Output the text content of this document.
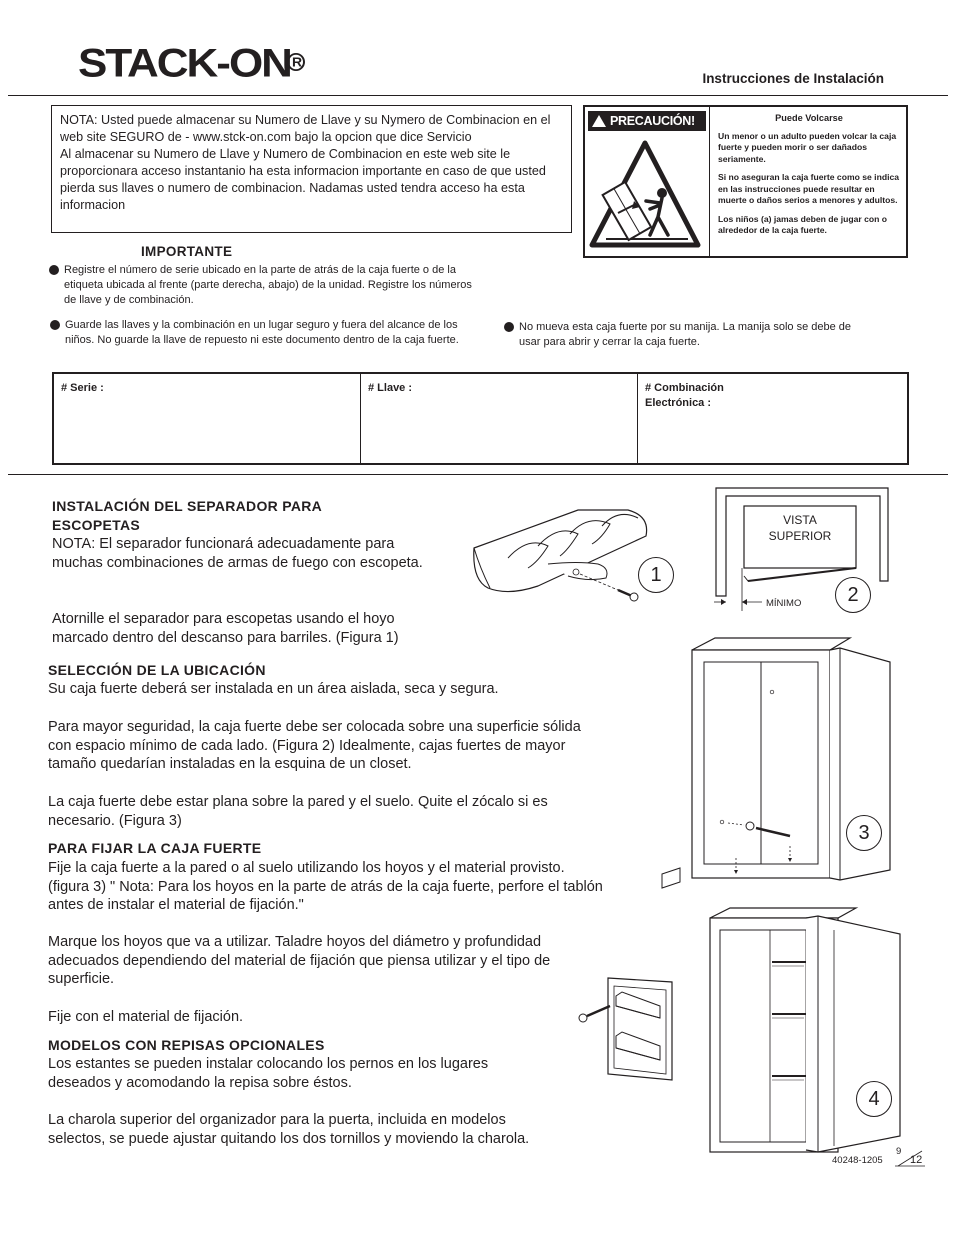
STACK-ONR
Instrucciones de Instalación

NOTA: Usted puede almacenar su Numero de Llave y su Nymero de Combinacion en el web site SEGURO de - www.stck-on.com bajo la opcion que dice Servicio

Al almacenar su Numero de Llave y Numero de Combinacion en este web site le proporcionara acceso instantanio ha esta informacion importante en caso de que usted pierda sus llaves o numero de combinacion. Nadamas usted tendra acceso ha esta informacion

PRECAUCIÓN!	Puede Volcarse

Un menor o un adulto pueden volcar la caja fuerte y pueden morir o ser dañados seriamente.

Si no aseguran la caja fuerte como se indica en las instrucciones puede resultar en muerte o daños serios a menores y adultos.

Los niños (a) jamas deben de jugar con o alrededor de la caja fuerte.

IMPORTANTE
Registre el número de serie ubicado en la parte de atrás de la caja fuerte o de la etiqueta ubicada al frente (parte derecha, abajo) de la unidad. Registre los números de llave y de combinación.
Guarde las llaves y la combinación en un lugar seguro y fuera del alcance de los niños. No guarde la llave de repuesto ni este documento dentro de la caja fuerte.
No mueva esta caja fuerte por su manija. La manija solo se debe de usar para abrir y cerrar la caja fuerte.
# Serie :	# Llave :	# Combinación
Electrónica :
INSTALACIÓN DEL SEPARADOR PARA
ESCOPETAS
NOTA: El separador funcionará adecuadamente para muchas combinaciones de armas de fuego con escopeta.
Atornille el separador para escopetas usando el hoyo marcado dentro del descanso para barriles. (Figura 1)
SELECCIÓN DE LA UBICACIÓN
Su caja fuerte deberá ser instalada en un área aislada, seca y segura.
Para mayor seguridad, la caja fuerte debe ser colocada sobre una superficie sólida con espacio mínimo de cada lado. (Figura 2) Idealmente, cajas fuertes de mayor tamaño quedarían instaladas en la esquina de un closet.
La caja fuerte debe estar plana sobre la pared y el suelo. Quite el zócalo si es necesario. (Figura 3)
PARA FIJAR LA CAJA FUERTE
Fije la caja fuerte a la pared o al suelo utilizando los hoyos y el material provisto. (figura 3) " Nota: Para los hoyos en la parte de atrás de la caja fuerte, perfore el tablón antes de instalar el material de fijación."
Marque los hoyos que va a utilizar. Taladre hoyos del diámetro y profundidad adecuados dependiendo del material de fijación que piensa utilizar y el tipo de superficie.
Fije con el material de fijación.
MODELOS CON REPISAS OPCIONALES
Los estantes se pueden instalar colocando los pernos en los lugares deseados y acomodando la repisa sobre éstos.
La charola superior del organizador para la puerta, incluida en modelos selectos, se puede ajustar quitando los dos tornillos y moviendo la charola.
1
VISTA
SUPERIOR
MÍNIMO	2
3
4
40248-1205
9
12
